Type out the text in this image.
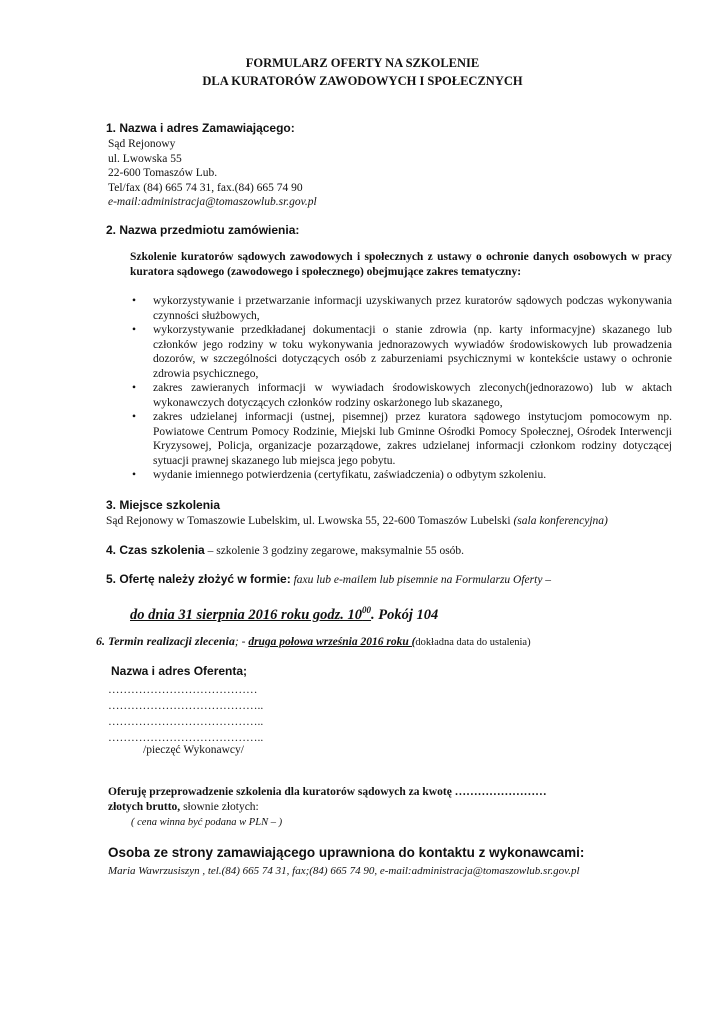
FORMULARZ OFERTY NA SZKOLENIE
DLA KURATORÓW ZAWODOWYCH I SPOŁECZNYCH
1. Nazwa i adres Zamawiającego:
Sąd Rejonowy
ul. Lwowska 55
22-600 Tomaszów Lub.
Tel/fax (84) 665 74 31, fax.(84) 665 74 90
e-mail:administracja@tomaszowlub.sr.gov.pl
2. Nazwa przedmiotu zamówienia:
Szkolenie kuratorów sądowych zawodowych i społecznych z ustawy o ochronie danych osobowych w pracy kuratora sądowego (zawodowego i społecznego) obejmujące zakres tematyczny:
• wykorzystywanie i przetwarzanie informacji uzyskiwanych przez kuratorów sądowych podczas wykonywania czynności służbowych,
• wykorzystywanie przedkładanej dokumentacji o stanie zdrowia (np. karty informacyjne) skazanego lub członków jego rodziny w toku wykonywania jednorazowych wywiadów środowiskowych lub prowadzenia dozorów, w szczególności dotyczących osób z zaburzeniami psychicznymi w kontekście ustawy o ochronie zdrowia psychicznego,
• zakres zawieranych informacji w wywiadach środowiskowych zleconych(jednorazowo) lub w aktach wykonawczych dotyczących członków rodziny oskarżonego lub skazanego,
• zakres udzielanej informacji (ustnej, pisemnej) przez kuratora sądowego instytucjom pomocowym np. Powiatowe Centrum Pomocy Rodzinie, Miejski lub Gminne Ośrodki Pomocy Społecznej, Ośrodek Interwencji Kryzysowej, Policja, organizacje pozarządowe, zakres udzielanej informacji członkom rodziny dotyczącej sytuacji prawnej skazanego lub miejsca jego pobytu.
• wydanie imiennego potwierdzenia (certyfikatu, zaświadczenia) o odbytym szkoleniu.
3. Miejsce szkolenia
Sąd Rejonowy w Tomaszowie Lubelskim, ul. Lwowska 55, 22-600 Tomaszów Lubelski (sala konferencyjna)
4. Czas szkolenia – szkolenie 3 godziny zegarowe, maksymalnie 55 osób.
5. Ofertę należy złożyć w formie: faxu lub e-mailem lub pisemnie na Formularzu Oferty –
do dnia 31 sierpnia 2016 roku godz. $10^{00}$. Pokój 104
6. Termin realizacji zlecenia; - druga połowa września 2016 roku (dokładna data do ustalenia)
Nazwa i adres Oferenta;
…………………………………
…………………………………..
…………………………………..
…………………………………..
/pieczęć Wykonawcy/
Oferuję przeprowadzenie szkolenia dla kuratorów sądowych za kwotę ……………………
złotych brutto, słownie złotych:
( cena winna być podana w PLN – )
Osoba ze strony zamawiającego uprawniona do kontaktu z wykonawcami:
Maria Wawrzusiszyn , tel.(84) 665 74 31, fax;(84) 665 74 90, e-mail:administracja@tomaszowlub.sr.gov.pl
